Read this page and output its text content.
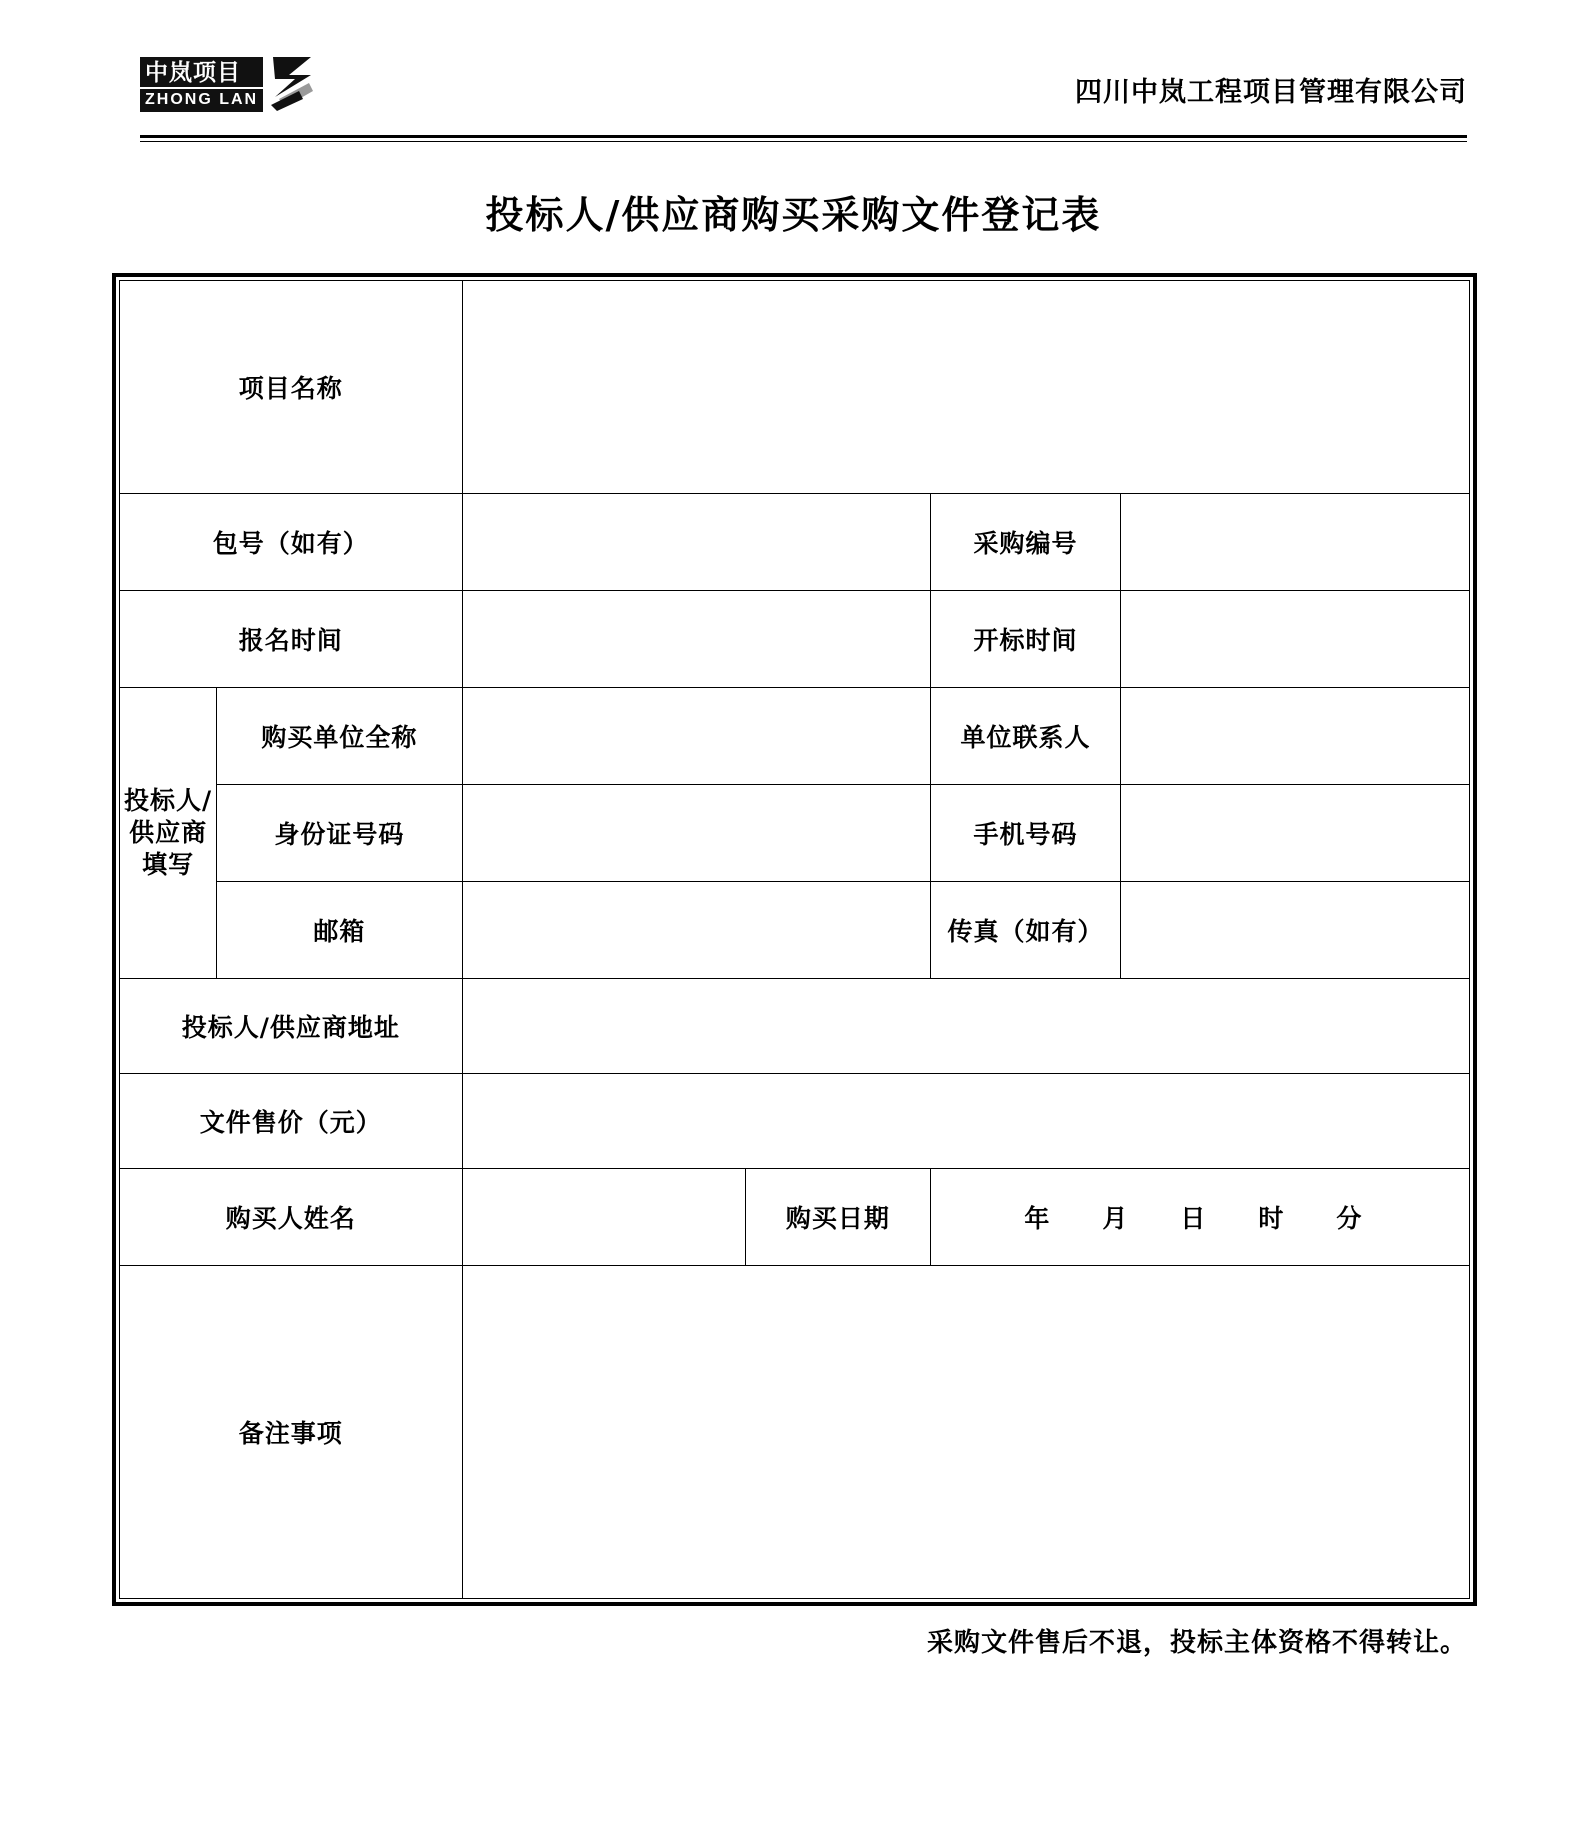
中岚项目
ZHONG LAN	四川中岚工程项目管理有限公司
投标人/供应商购买采购文件登记表
项目名称					
包号（如有）				采购编号	
报名时间				开标时间	
投标人/供应商填写	购买单位全称			单位联系人	
	身份证号码			手机号码	
	邮箱			传真（如有）	
投标人/供应商地址					
文件售价（元）					
购买人姓名			购买日期	年　月　日　时　分	
备注事项					
采购文件售后不退，投标主体资格不得转让。
